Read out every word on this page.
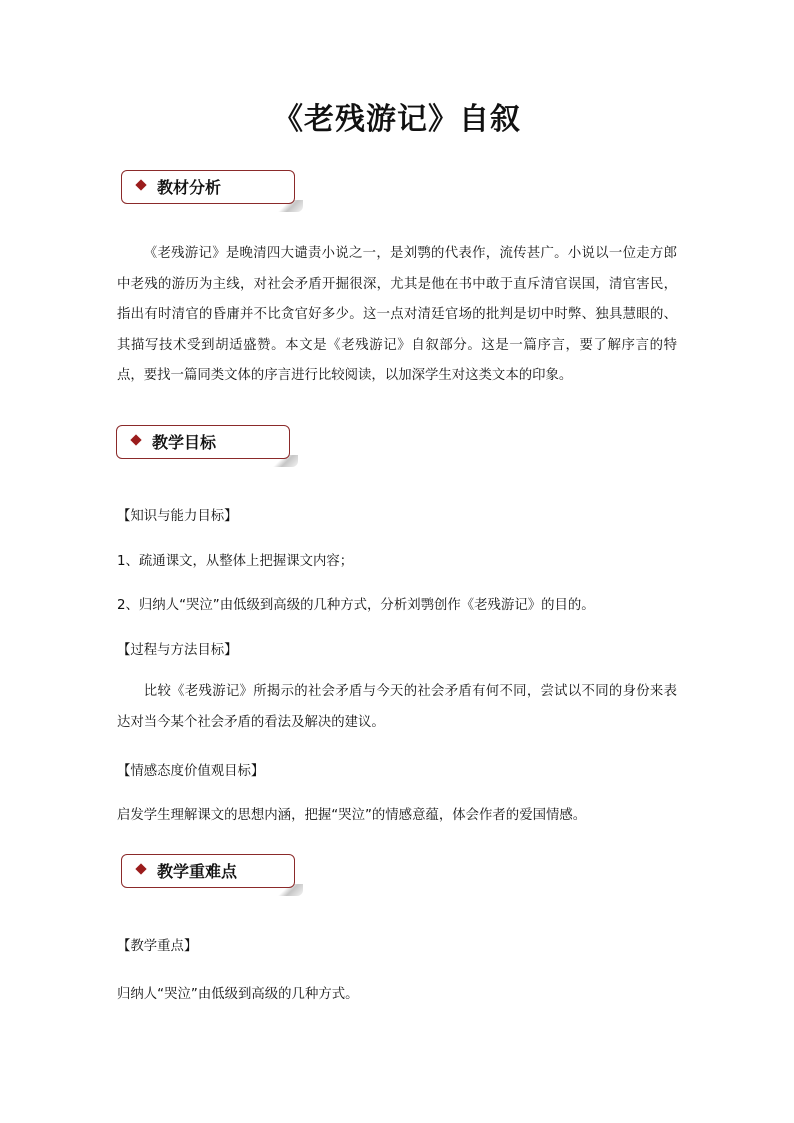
《老残游记》自叙
教材分析
《老残游记》是晚清四大谴责小说之一，是刘鹗的代表作，流传甚广。小说以一位走方郎中老残的游历为主线，对社会矛盾开掘很深，尤其是他在书中敢于直斥清官误国，清官害民，指出有时清官的昏庸并不比贪官好多少。这一点对清廷官场的批判是切中时弊、独具慧眼的、其描写技术受到胡适盛赞。本文是《老残游记》自叙部分。这是一篇序言，要了解序言的特点，要找一篇同类文体的序言进行比较阅读，以加深学生对这类文本的印象。
教学目标
【知识与能力目标】
1、疏通课文，从整体上把握课文内容；
2、归纳人“哭泣”由低级到高级的几种方式，分析刘鹗创作《老残游记》的目的。
【过程与方法目标】
比较《老残游记》所揭示的社会矛盾与今天的社会矛盾有何不同，尝试以不同的身份来表达对当今某个社会矛盾的看法及解决的建议。
【情感态度价值观目标】
启发学生理解课文的思想内涵，把握“哭泣”的情感意蕴，体会作者的爱国情感。
教学重难点
【教学重点】
归纳人“哭泣”由低级到高级的几种方式。
